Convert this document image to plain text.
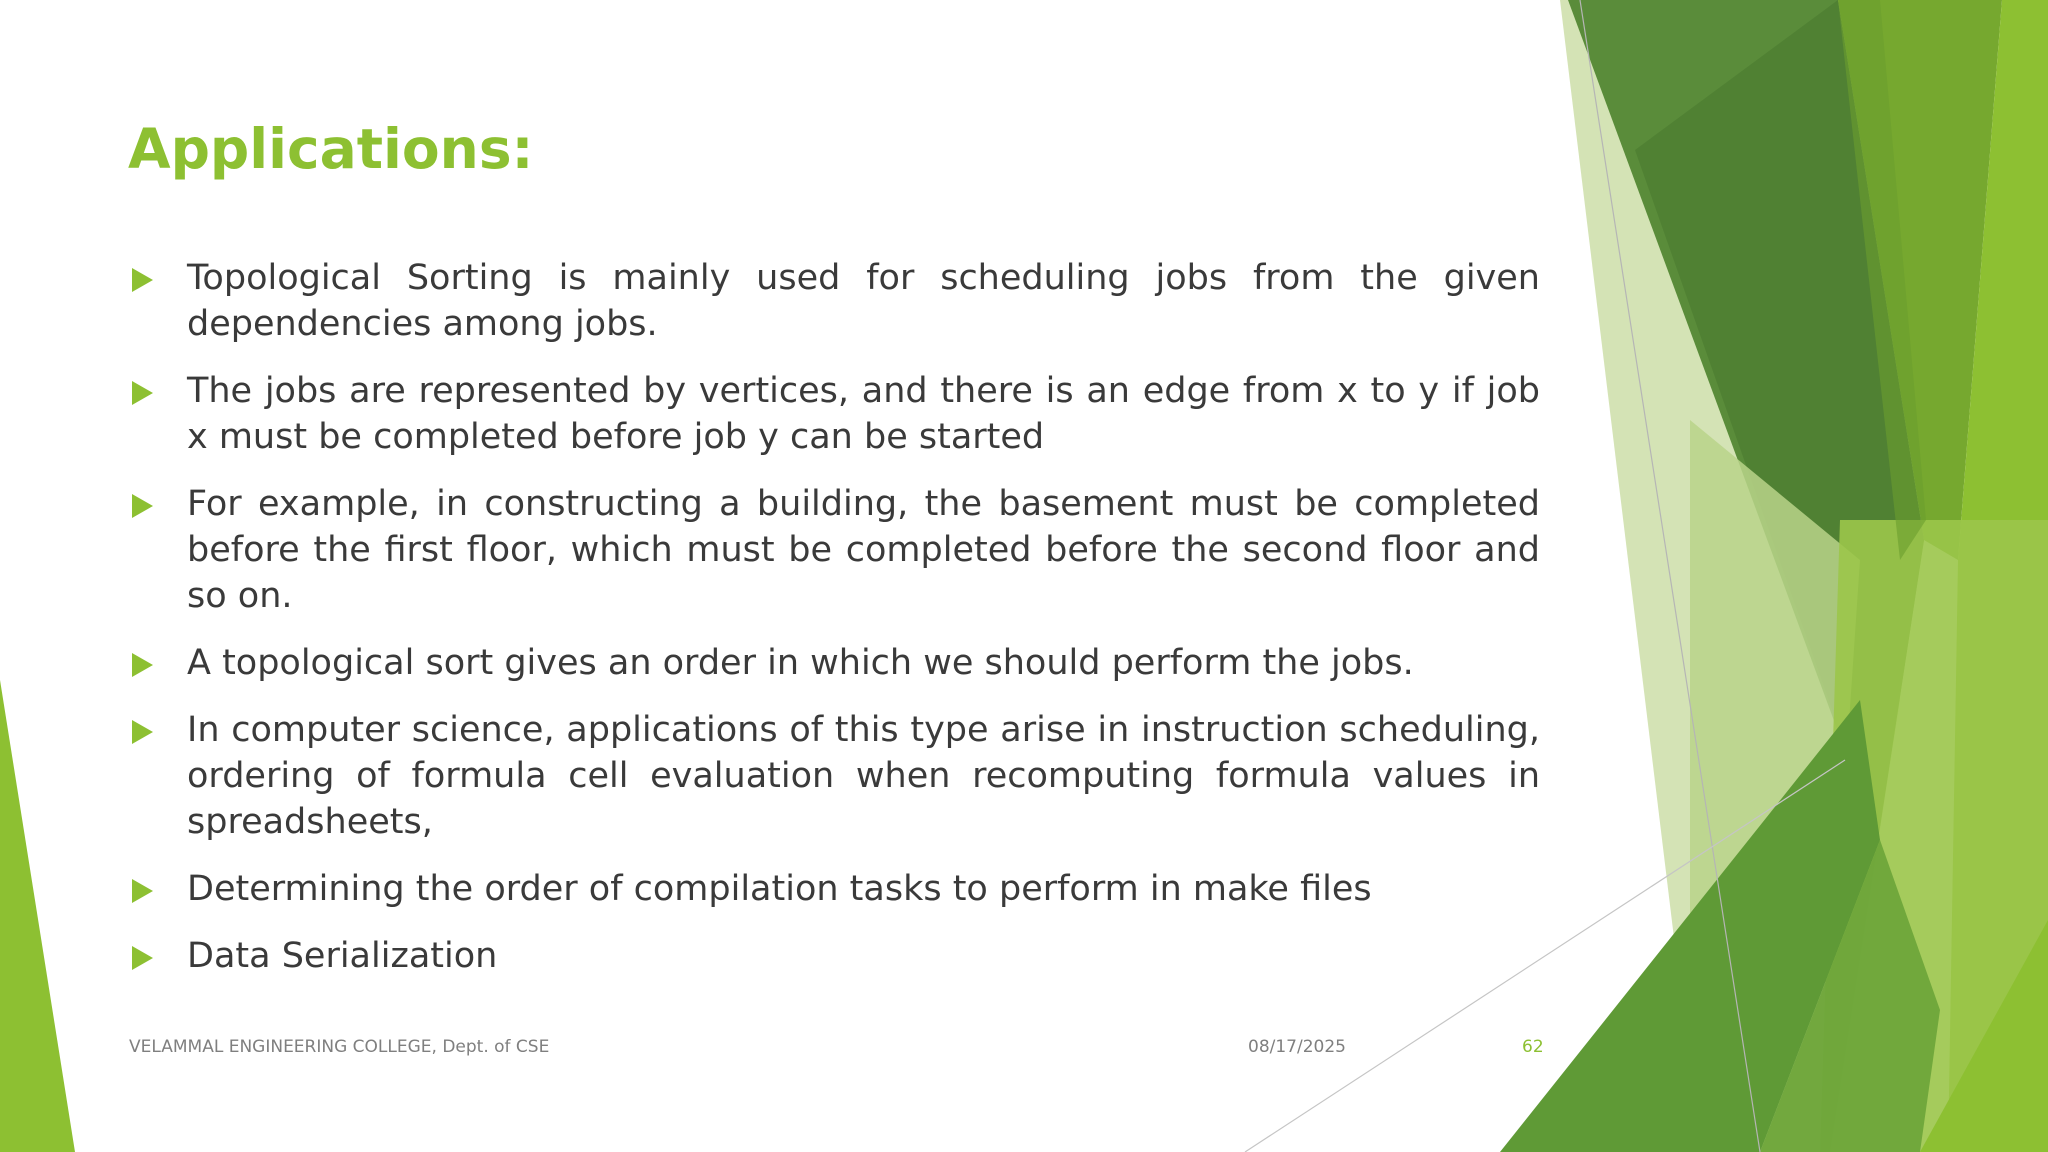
Applications:
Topological Sorting is mainly used for scheduling jobs from the given dependencies among jobs.
The jobs are represented by vertices, and there is an edge from x to y if job x must be completed before job y can be started
For example, in constructing a building, the basement must be completed before the first floor, which must be completed before the second floor and so on.
A topological sort gives an order in which we should perform the jobs.
In computer science, applications of this type arise in instruction scheduling, ordering of formula cell evaluation when recomputing formula values in spreadsheets,
Determining the order of compilation tasks to perform in make files
Data Serialization
VELAMMAL ENGINEERING COLLEGE, Dept. of CSE	08/17/2025	62
